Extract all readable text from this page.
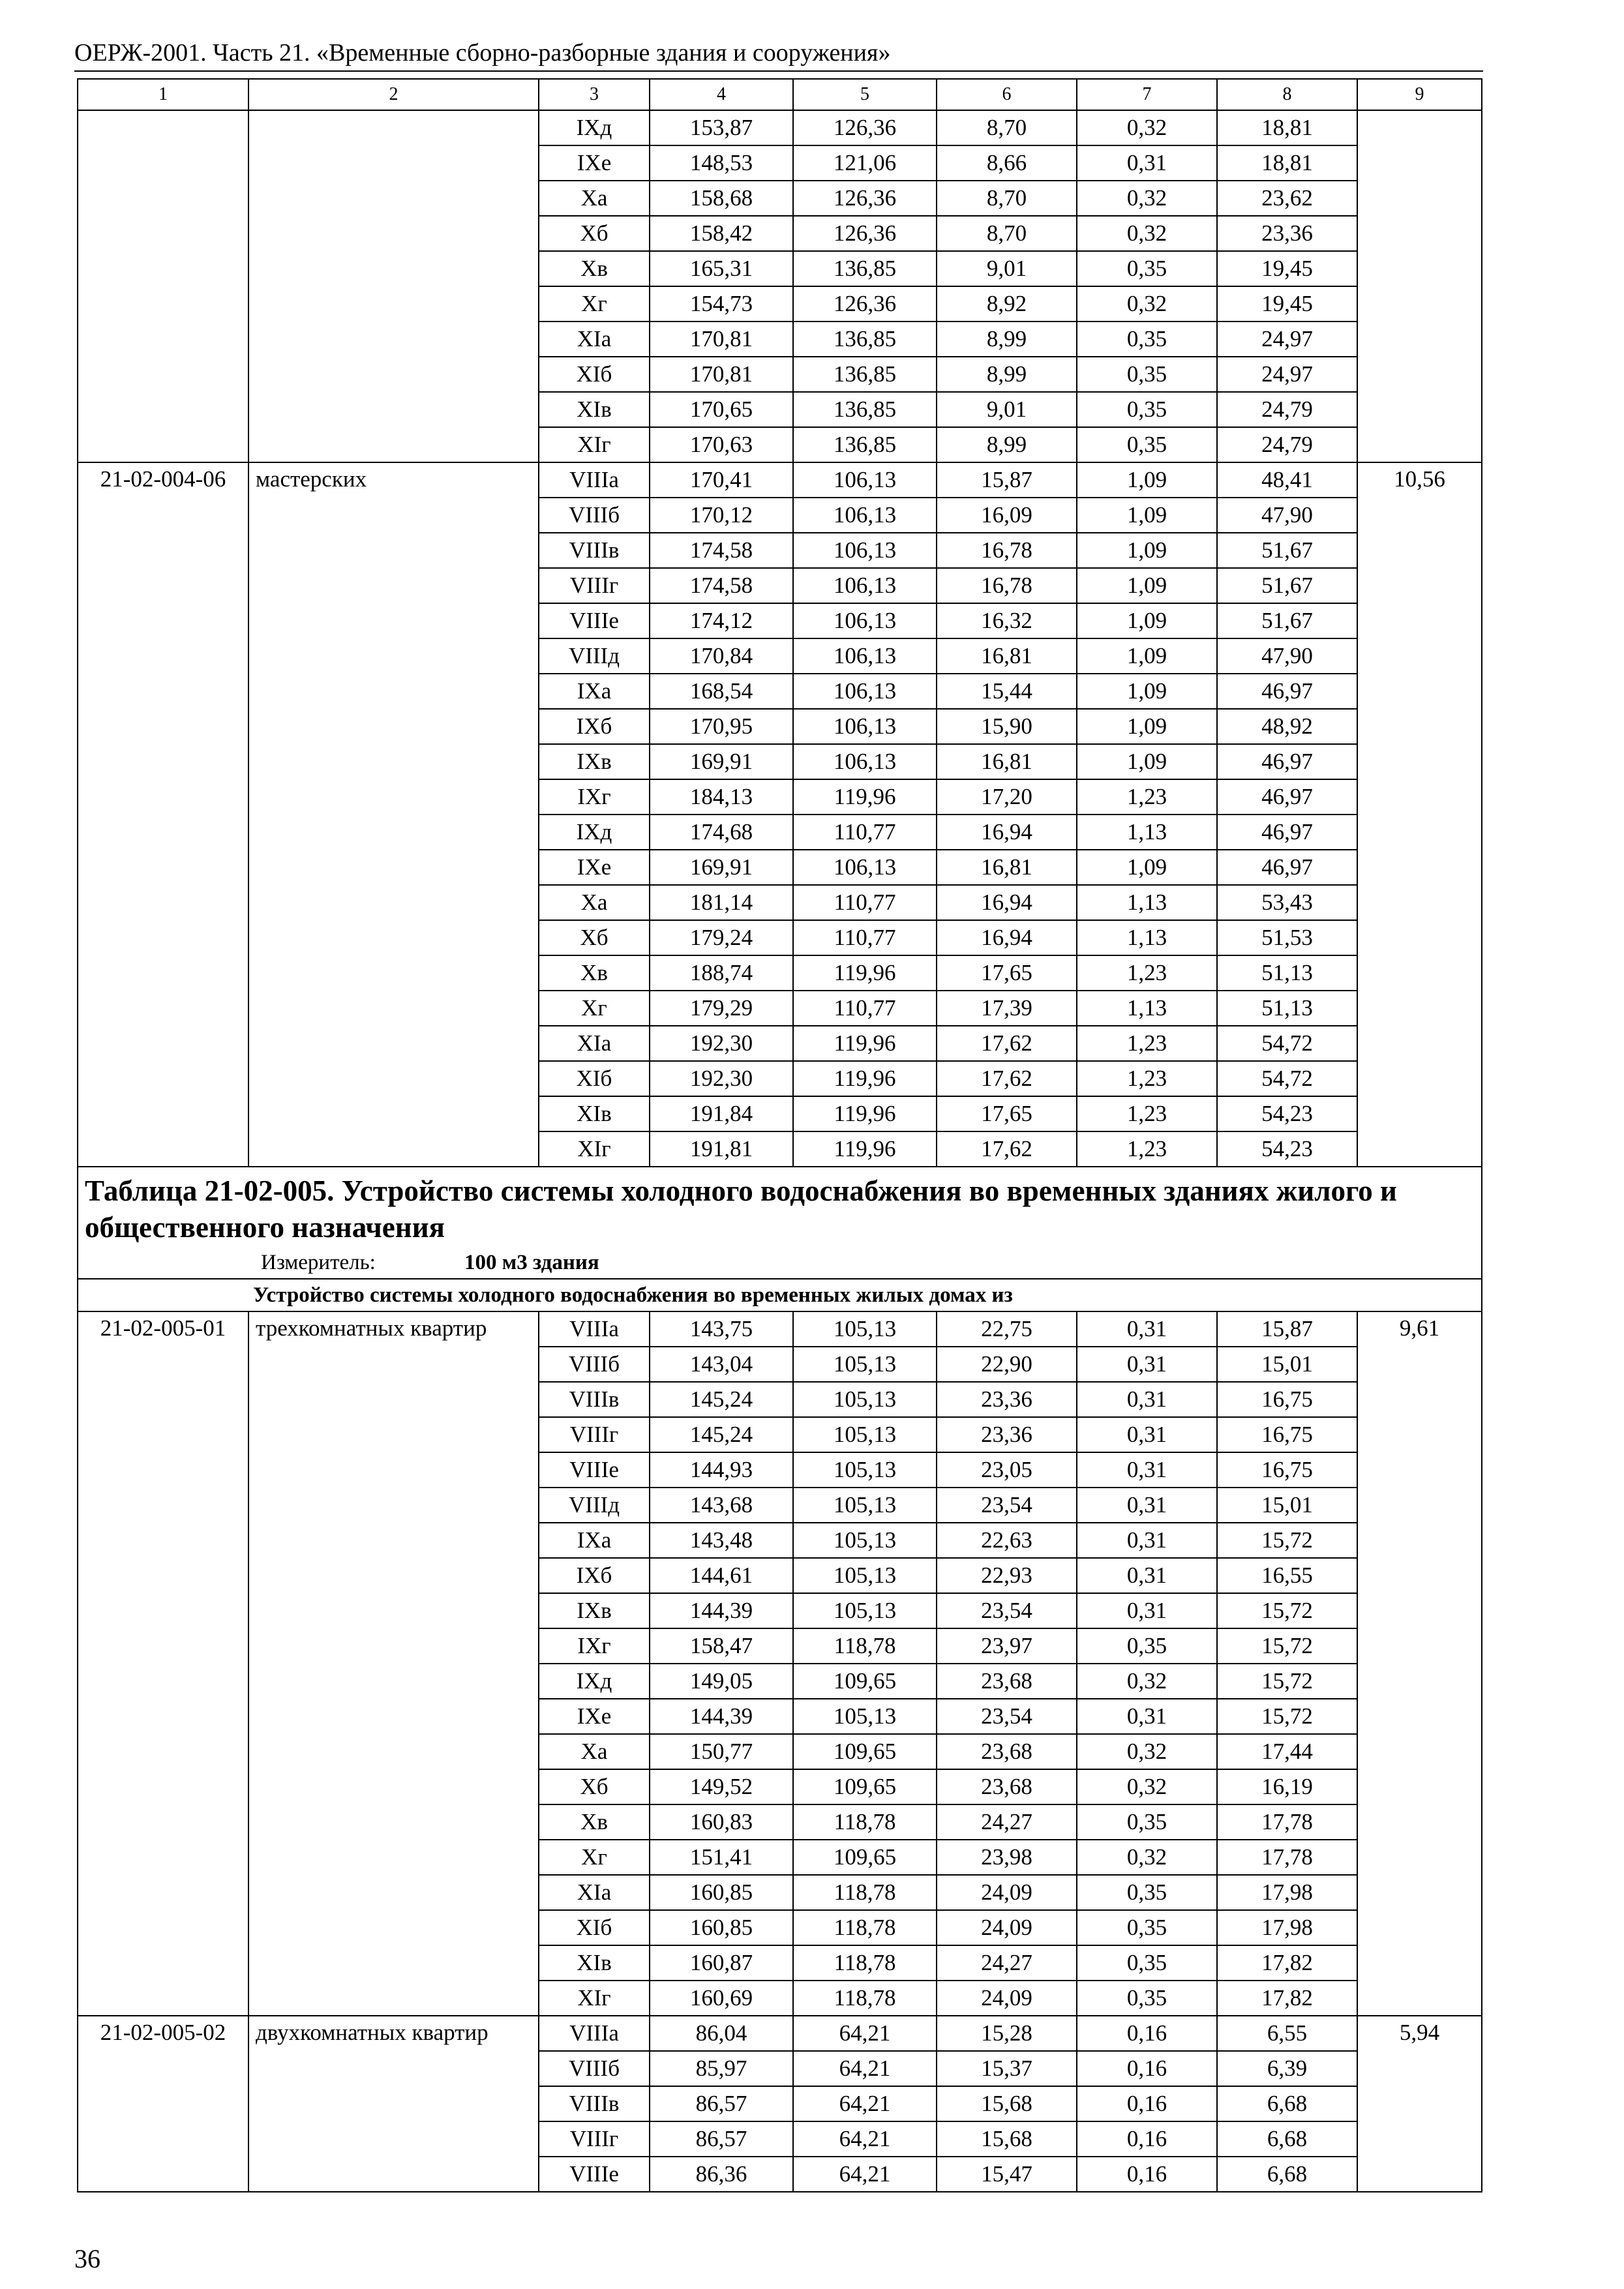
ОЕРЖ-2001. Часть 21. «Временные сборно-разборные здания и сооружения»
1	2	3	4	5	6	7	8	9
		IXд	153,87	126,36	8,70	0,32	18,81	
		IXе	148,53	121,06	8,66	0,31	18,81	
		Xа	158,68	126,36	8,70	0,32	23,62	
		Xб	158,42	126,36	8,70	0,32	23,36	
		Xв	165,31	136,85	9,01	0,35	19,45	
		Xг	154,73	126,36	8,92	0,32	19,45	
		XIа	170,81	136,85	8,99	0,35	24,97	
		XIб	170,81	136,85	8,99	0,35	24,97	
		XIв	170,65	136,85	9,01	0,35	24,79	
		XIг	170,63	136,85	8,99	0,35	24,79	
21-02-004-06	мастерских	VIIIа	170,41	106,13	15,87	1,09	48,41	10,56
		VIIIб	170,12	106,13	16,09	1,09	47,90	
		VIIIв	174,58	106,13	16,78	1,09	51,67	
		VIIIг	174,58	106,13	16,78	1,09	51,67	
		VIIIе	174,12	106,13	16,32	1,09	51,67	
		VIIIд	170,84	106,13	16,81	1,09	47,90	
		IXа	168,54	106,13	15,44	1,09	46,97	
		IXб	170,95	106,13	15,90	1,09	48,92	
		IXв	169,91	106,13	16,81	1,09	46,97	
		IXг	184,13	119,96	17,20	1,23	46,97	
		IXд	174,68	110,77	16,94	1,13	46,97	
		IXе	169,91	106,13	16,81	1,09	46,97	
		Xа	181,14	110,77	16,94	1,13	53,43	
		Xб	179,24	110,77	16,94	1,13	51,53	
		Xв	188,74	119,96	17,65	1,23	51,13	
		Xг	179,29	110,77	17,39	1,13	51,13	
		XIа	192,30	119,96	17,62	1,23	54,72	
		XIб	192,30	119,96	17,62	1,23	54,72	
		XIв	191,84	119,96	17,65	1,23	54,23	
		XIг	191,81	119,96	17,62	1,23	54,23	

Таблица 21-02-005. Устройство системы холодного водоснабжения во временных зданиях жилого и общественного назначения
Измеритель: 100 м3 здания								

Устройство системы холодного водоснабжения во временных жилых домах из								
21-02-005-01	трехкомнатных квартир	VIIIа	143,75	105,13	22,75	0,31	15,87	9,61
		VIIIб	143,04	105,13	22,90	0,31	15,01	
		VIIIв	145,24	105,13	23,36	0,31	16,75	
		VIIIг	145,24	105,13	23,36	0,31	16,75	
		VIIIе	144,93	105,13	23,05	0,31	16,75	
		VIIIд	143,68	105,13	23,54	0,31	15,01	
		IXа	143,48	105,13	22,63	0,31	15,72	
		IXб	144,61	105,13	22,93	0,31	16,55	
		IXв	144,39	105,13	23,54	0,31	15,72	
		IXг	158,47	118,78	23,97	0,35	15,72	
		IXд	149,05	109,65	23,68	0,32	15,72	
		IXе	144,39	105,13	23,54	0,31	15,72	
		Xа	150,77	109,65	23,68	0,32	17,44	
		Xб	149,52	109,65	23,68	0,32	16,19	
		Xв	160,83	118,78	24,27	0,35	17,78	
		Xг	151,41	109,65	23,98	0,32	17,78	
		XIа	160,85	118,78	24,09	0,35	17,98	
		XIб	160,85	118,78	24,09	0,35	17,98	
		XIв	160,87	118,78	24,27	0,35	17,82	
		XIг	160,69	118,78	24,09	0,35	17,82	
21-02-005-02	двухкомнатных квартир	VIIIа	86,04	64,21	15,28	0,16	6,55	5,94
		VIIIб	85,97	64,21	15,37	0,16	6,39	
		VIIIв	86,57	64,21	15,68	0,16	6,68	
		VIIIг	86,57	64,21	15,68	0,16	6,68	
		VIIIе	86,36	64,21	15,47	0,16	6,68	
36
